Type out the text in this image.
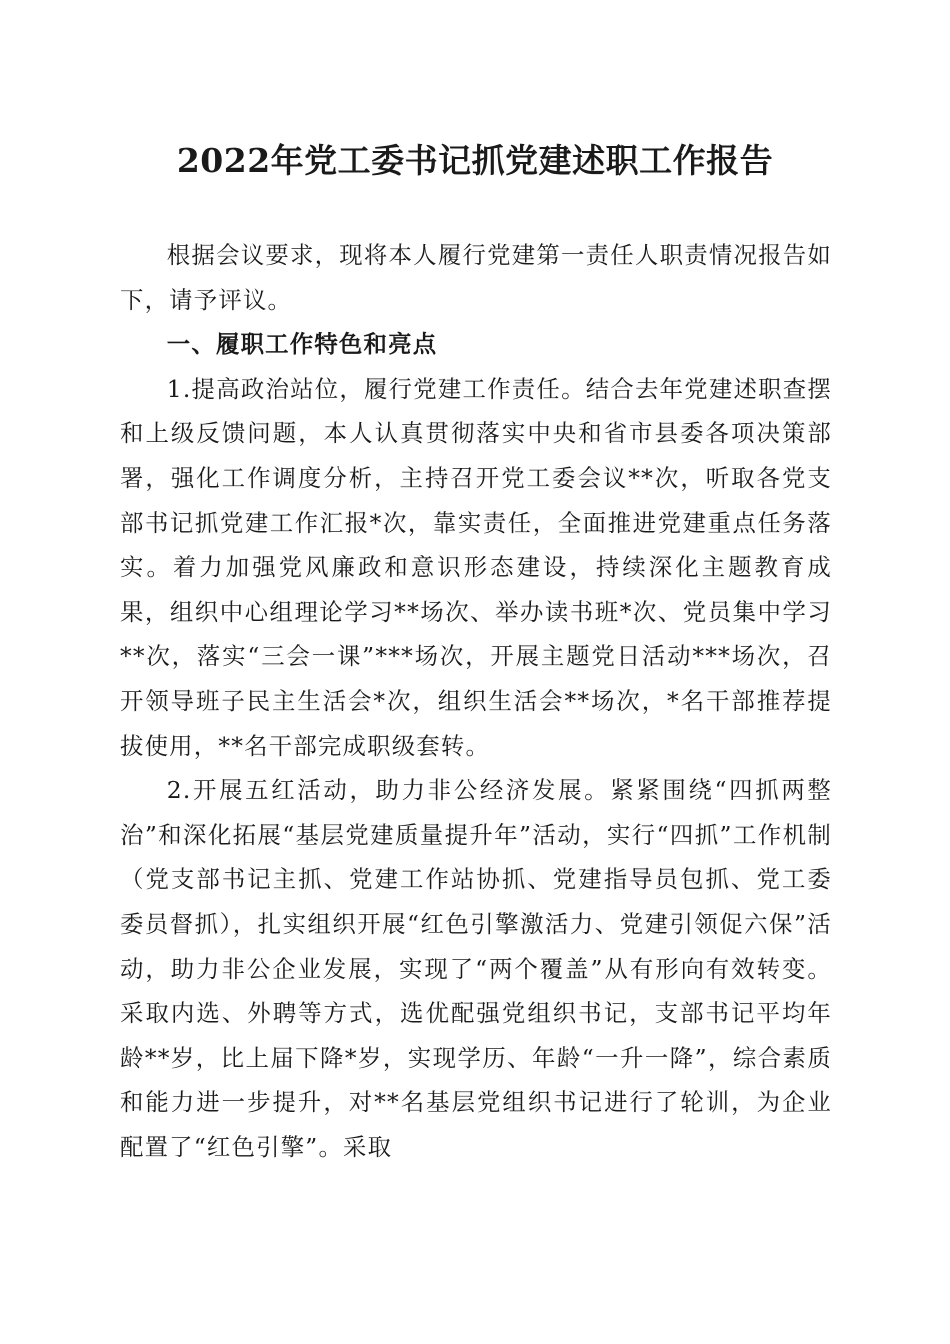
2022年党工委书记抓党建述职工作报告

根据会议要求，现将本人履行党建第一责任人职责情况报告如下，请予评议。

一、履职工作特色和亮点

1.提高政治站位，履行党建工作责任。结合去年党建述职查摆和上级反馈问题，本人认真贯彻落实中央和省市县委各项决策部署，强化工作调度分析，主持召开党工委会议**次，听取各党支部书记抓党建工作汇报*次，靠实责任，全面推进党建重点任务落实。着力加强党风廉政和意识形态建设，持续深化主题教育成果，组织中心组理论学习**场次、举办读书班*次、党员集中学习**次，落实“三会一课”***场次，开展主题党日活动***场次，召开领导班子民主生活会*次，组织生活会**场次，*名干部推荐提拔使用，**名干部完成职级套转。

2.开展五红活动，助力非公经济发展。紧紧围绕“四抓两整治”和深化拓展“基层党建质量提升年”活动，实行“四抓”工作机制（党支部书记主抓、党建工作站协抓、党建指导员包抓、党工委委员督抓），扎实组织开展“红色引擎激活力、党建引领促六保”活动，助力非公企业发展，实现了“两个覆盖”从有形向有效转变。采取内选、外聘等方式，选优配强党组织书记，支部书记平均年龄**岁，比上届下降*岁，实现学历、年龄“一升一降”，综合素质和能力进一步提升，对**名基层党组织书记进行了轮训，为企业配置了“红色引擎”。采取
